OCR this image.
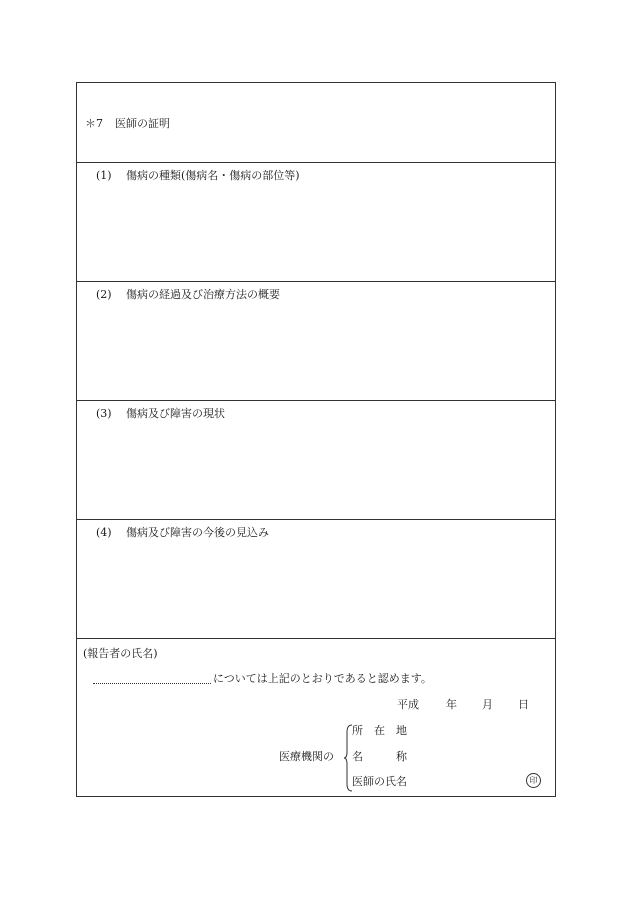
＊7 医師の証明
(1) 傷病の種類(傷病名・傷病の部位等)
(2) 傷病の経過及び治療方法の概要
(3) 傷病及び障害の現状
(4) 傷病及び障害の今後の見込み
(報告者の氏名)
については上記のとおりであると認めます。
平成 年 月 日
医療機関の
所　在　地
名　　　称
医師の氏名	印
